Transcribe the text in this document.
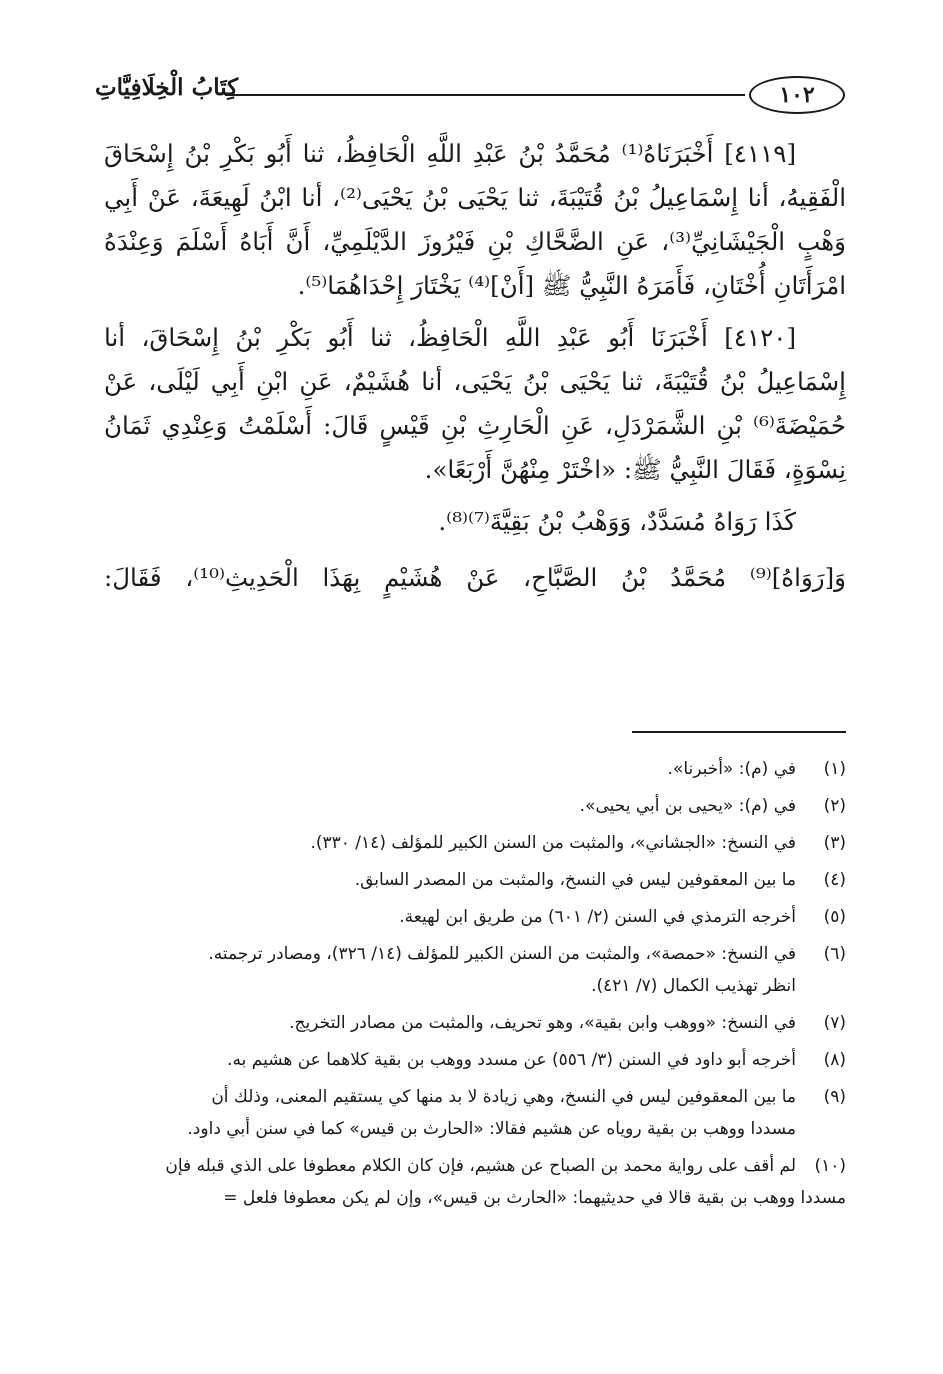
١٠٢
كِتَابُ الْخِلَافِيَّاتِ
[٤١١٩] أَخْبَرَنَاهُ⁽¹⁾ مُحَمَّدُ بْنُ عَبْدِ اللَّهِ الْحَافِظُ، ثنا أَبُو بَكْرِ بْنُ إِسْحَاقَ
الْفَقِيهُ، أنا إِسْمَاعِيلُ بْنُ قُتَيْبَةَ، ثنا يَحْيَى بْنُ يَحْيَى⁽²⁾، أنا ابْنُ لَهِيعَةَ، عَنْ أَبِي
وَهْبٍ الْجَيْشَانِيِّ⁽³⁾، عَنِ الضَّحَّاكِ بْنِ فَيْرُوزَ الدَّيْلَمِيِّ، أَنَّ أَبَاهُ أَسْلَمَ وَعِنْدَهُ
امْرَأَتَانِ أُخْتَانِ، فَأَمَرَهُ النَّبِيُّ ﷺ [أَنْ]⁽⁴⁾ يَخْتَارَ إِحْدَاهُمَا⁽⁵⁾.
[٤١٢٠] أَخْبَرَنَا أَبُو عَبْدِ اللَّهِ الْحَافِظُ، ثنا أَبُو بَكْرِ بْنُ إِسْحَاقَ، أنا
إِسْمَاعِيلُ بْنُ قُتَيْبَةَ، ثنا يَحْيَى بْنُ يَحْيَى، أنا هُشَيْمٌ، عَنِ ابْنِ أَبِي لَيْلَى، عَنْ
حُمَيْضَةَ⁽⁶⁾ بْنِ الشَّمَرْدَلِ، عَنِ الْحَارِثِ بْنِ قَيْسٍ قَالَ: أَسْلَمْتُ وَعِنْدِي ثَمَانُ
نِسْوَةٍ، فَقَالَ النَّبِيُّ ﷺ: «اخْتَرْ مِنْهُنَّ أَرْبَعًا».
كَذَا رَوَاهُ مُسَدَّدٌ، وَوَهْبُ بْنُ بَقِيَّةَ⁽⁷⁾⁽⁸⁾.
وَ[رَوَاهُ]⁽⁹⁾ مُحَمَّدُ بْنُ الصَّبَّاحِ، عَنْ هُشَيْمٍ بِهَذَا الْحَدِيثِ⁽¹⁰⁾، فَقَالَ:
(١)
في (م): «أخبرنا».
(٢)
في (م): «يحيى بن أبي يحيى».
(٣)
في النسخ: «الجشاني»، والمثبت من السنن الكبير للمؤلف (١٤/ ٣٣٠).
(٤)
ما بين المعقوفين ليس في النسخ، والمثبت من المصدر السابق.
(٥)
أخرجه الترمذي في السنن (٢/ ٦٠١) من طريق ابن لهيعة.
(٦)
في النسخ: «حمصة»، والمثبت من السنن الكبير للمؤلف (١٤/ ٣٢٦)، ومصادر ترجمته.
انظر تهذيب الكمال (٧/ ٤٢١).
(٧)
في النسخ: «ووهب وابن بقية»، وهو تحريف، والمثبت من مصادر التخريج.
(٨)
أخرجه أبو داود في السنن (٣/ ٥٥٦) عن مسدد ووهب بن بقية كلاهما عن هشيم به.
(٩)
ما بين المعقوفين ليس في النسخ، وهي زيادة لا بد منها كي يستقيم المعنى، وذلك أن
مسددا ووهب بن بقية روياه عن هشيم فقالا: «الحارث بن قيس» كما في سنن أبي داود.
(١٠)
لم أقف على رواية محمد بن الصباح عن هشيم، فإن كان الكلام معطوفا على الذي قبله فإن
مسددا ووهب بن بقية قالا في حديثيهما: «الحارث بن قيس»، وإن لم يكن معطوفا فلعل =
